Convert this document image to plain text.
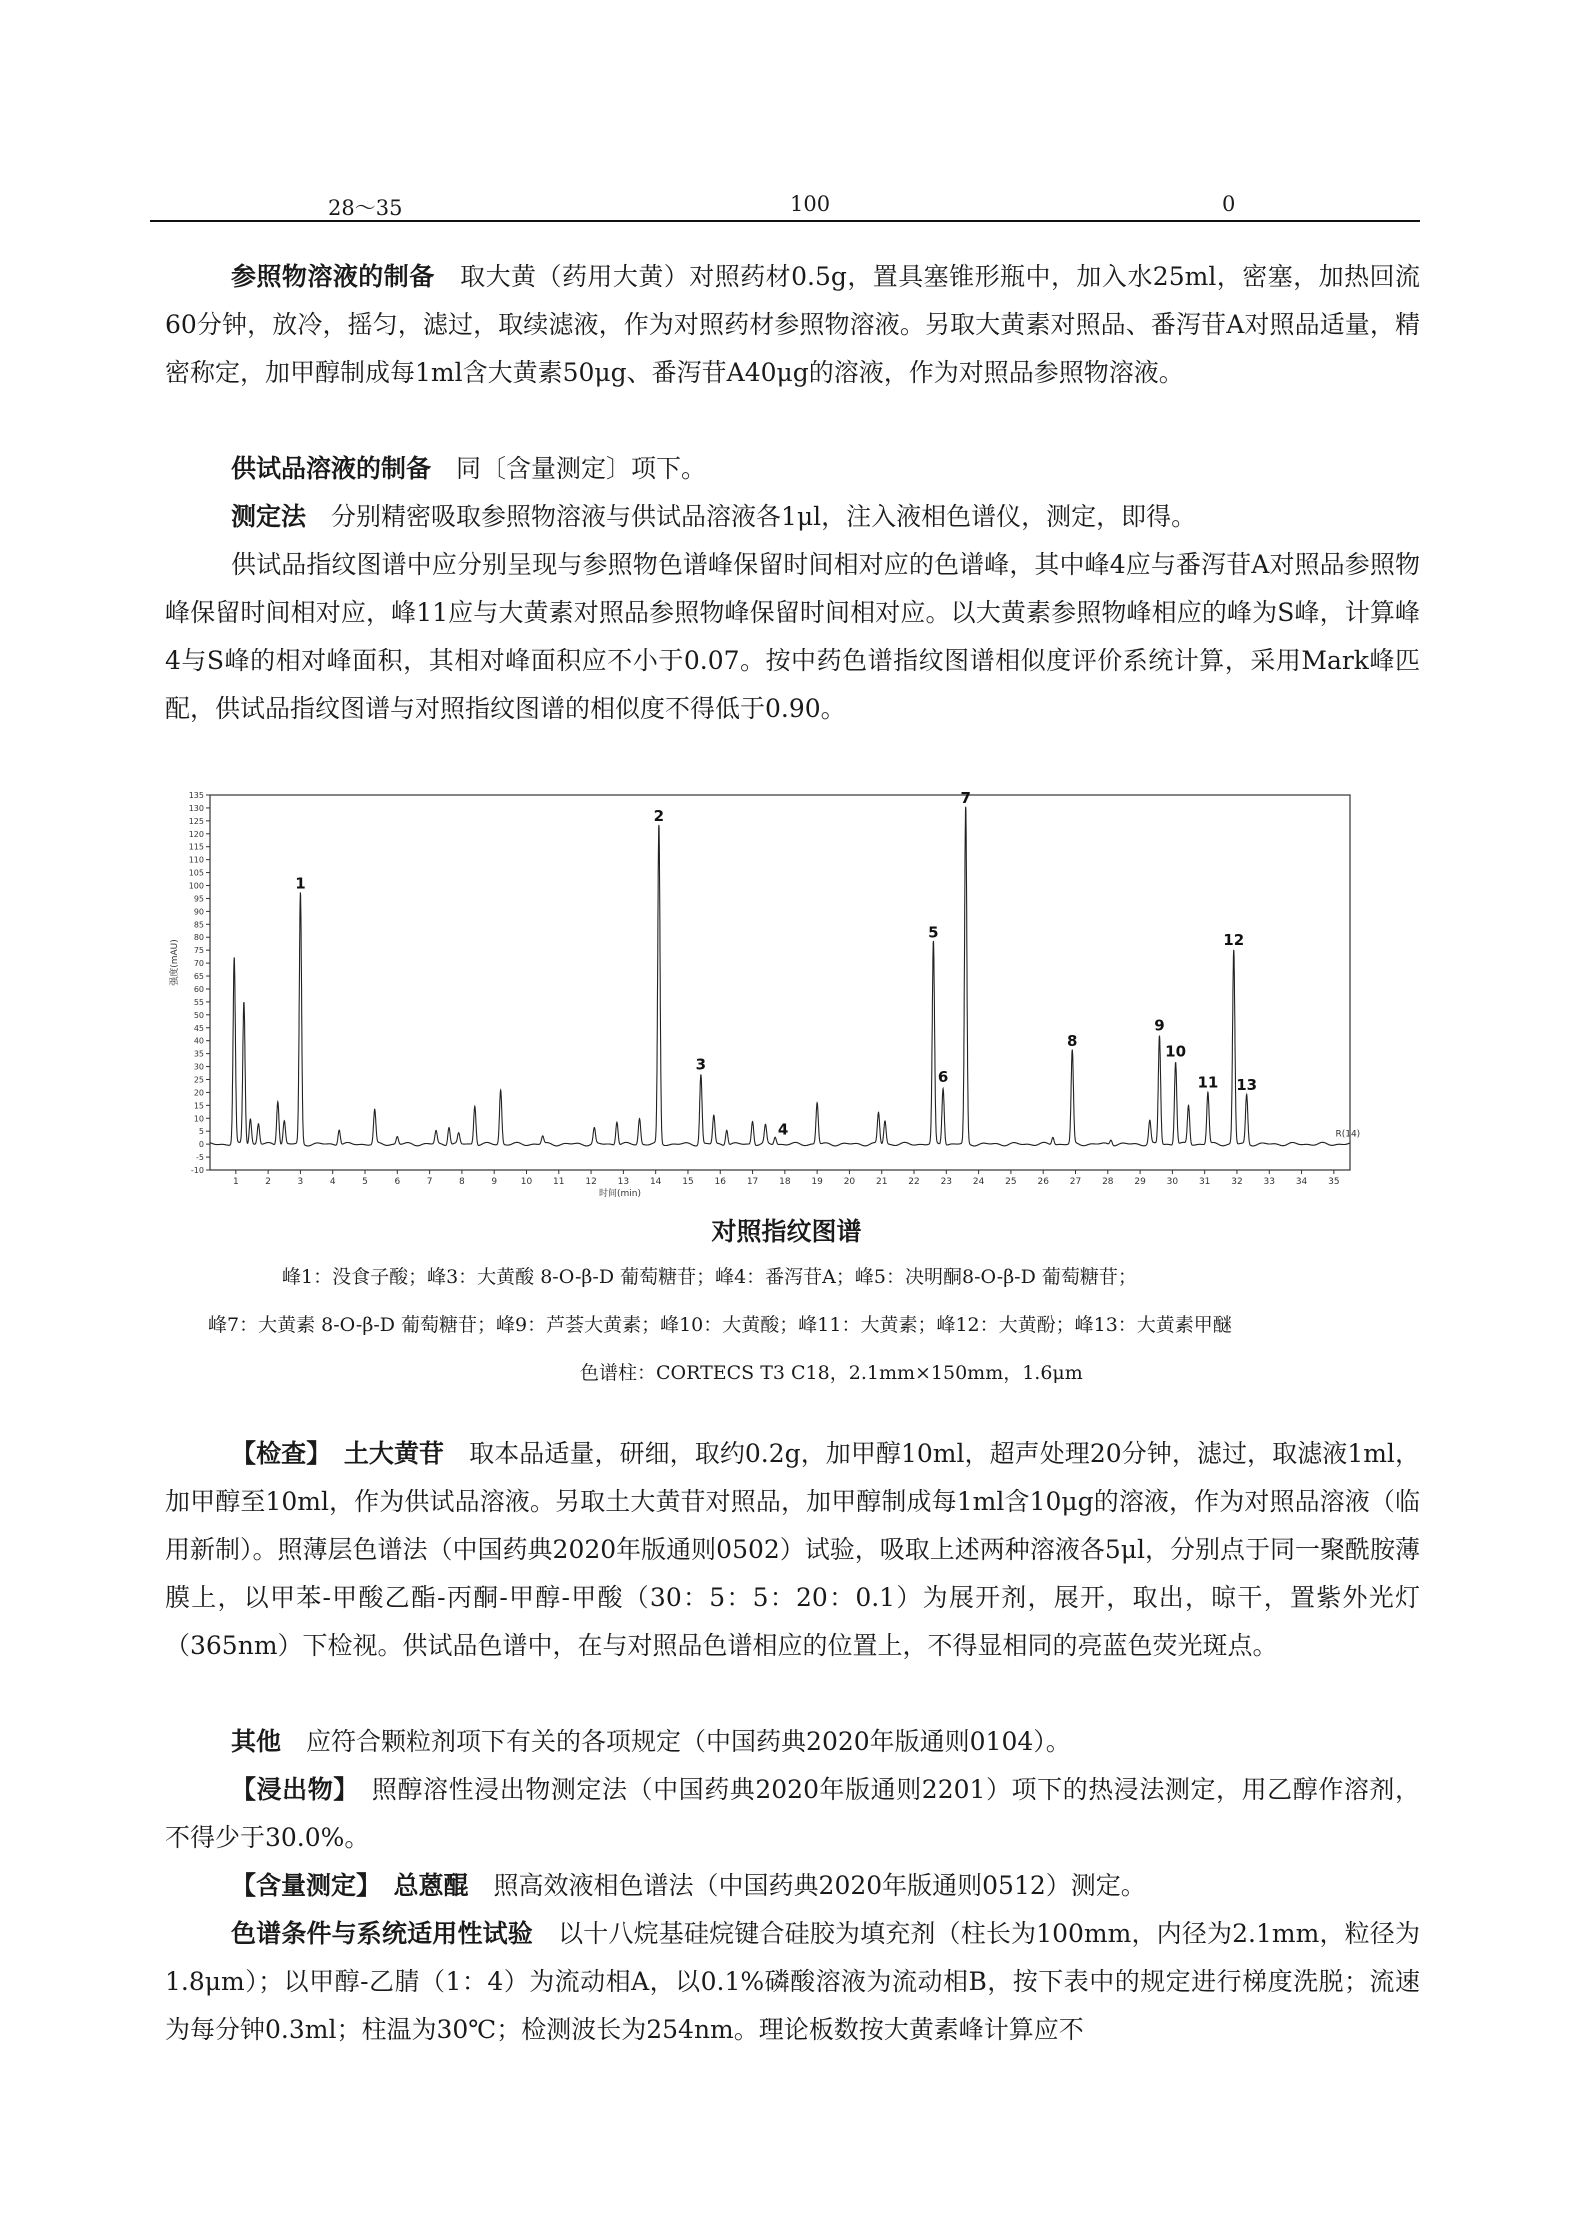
28～35	100	0

参照物溶液的制备　 取大黄（药用大黄）对照药材0.5g，置具塞锥形瓶中，加入水25ml，密塞，加热回流60分钟，放冷，摇匀，滤过，取续滤液，作为对照药材参照物溶液。另取大黄素对照品、番泻苷A对照品适量，精密称定，加甲醇制成每1ml含大黄素50μg、番泻苷A40μg的溶液，作为对照品参照物溶液。

供试品溶液的制备　 同〔含量测定〕项下。

测定法　 分别精密吸取参照物溶液与供试品溶液各1μl，注入液相色谱仪，测定，即得。

供试品指纹图谱中应分别呈现与参照物色谱峰保留时间相对应的色谱峰，其中峰4应与番泻苷A对照品参照物峰保留时间相对应，峰11应与大黄素对照品参照物峰保留时间相对应。以大黄素参照物峰相应的峰为S峰，计算峰4与S峰的相对峰面积，其相对峰面积应不小于0.07。按中药色谱指纹图谱相似度评价系统计算，采用Mark峰匹配，供试品指纹图谱与对照指纹图谱的相似度不得低于0.90。

-10
-5
0
5
10
15
20
25
30
35
40
45
50
55
60
65
70
75
80
85
90
95
100
105
110
115
120
125
130
135
1	2	3	4	5	6	7	8	9	10 11 12 13 14 15 16 17 18 19 20 21 22 23 24 25 26 27 28 29 30 31 32 33 34 35
时间(min)
强度(mAU)
R(14)
1
2
3
4
5
6
7
8
9
10
11
12
13
对照指纹图谱
峰1：没食子酸；峰3：大黄酸 8-O-β-D 葡萄糖苷；峰4：番泻苷A；峰5：决明酮8-O-β-D 葡萄糖苷；
峰7：大黄素 8-O-β-D 葡萄糖苷；峰9：芦荟大黄素；峰10：大黄酸；峰11：大黄素；峰12：大黄酚；峰13：大黄素甲醚
色谱柱：CORTECS T3 C18，2.1mm×150mm，1.6μm

【检查】　土大黄苷　 取本品适量，研细，取约0.2g，加甲醇10ml，超声处理20分钟，滤过，取滤液1ml，加甲醇至10ml，作为供试品溶液。另取土大黄苷对照品，加甲醇制成每1ml含10μg的溶液，作为对照品溶液（临用新制）。照薄层色谱法（中国药典2020年版通则0502）试验，吸取上述两种溶液各5μl，分别点于同一聚酰胺薄膜上，以甲苯-甲酸乙酯-丙酮-甲醇-甲酸（30：5：5：20：0.1）为展开剂，展开，取出，晾干，置紫外光灯（365nm）下检视。供试品色谱中，在与对照品色谱相应的位置上，不得显相同的亮蓝色荧光斑点。

其他　 应符合颗粒剂项下有关的各项规定（中国药典2020年版通则0104）。

【浸出物】　 照醇溶性浸出物测定法（中国药典2020年版通则2201）项下的热浸法测定，用乙醇作溶剂，不得少于30.0%。

【含量测定】　总蒽醌　 照高效液相色谱法（中国药典2020年版通则0512）测定。

色谱条件与系统适用性试验　 以十八烷基硅烷键合硅胶为填充剂（柱长为100mm，内径为2.1mm，粒径为1.8μm）；以甲醇-乙腈（1：4）为流动相A，以0.1%磷酸溶液为流动相B，按下表中的规定进行梯度洗脱；流速为每分钟0.3ml；柱温为30℃；检测波长为254nm。理论板数按大黄素峰计算应不
